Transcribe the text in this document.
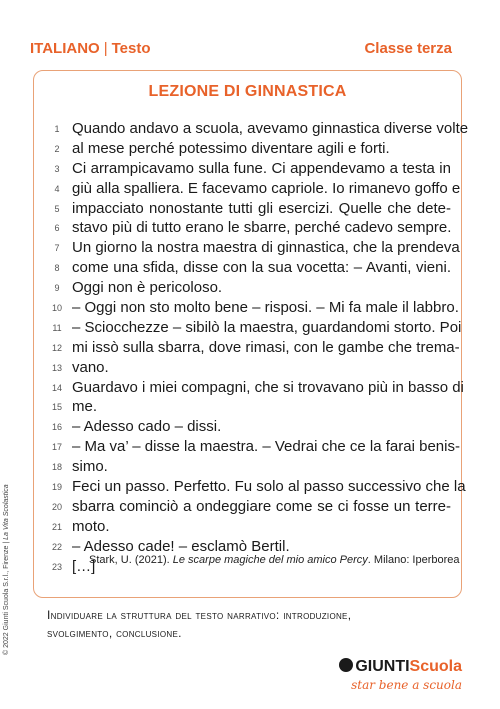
ITALIANO | Testo	Classe terza
LEZIONE DI GINNASTICA
1 Quando andavo a scuola, avevamo ginnastica diverse volte
2 al mese perché potessimo diventare agili e forti.
3 Ci arrampicavamo sulla fune. Ci appendevamo a testa in
4 giù alla spalliera. E facevamo capriole. Io rimanevo goffo e
5 impacciato nonostante tutti gli esercizi. Quelle che dete-
6 stavo più di tutto erano le sbarre, perché cadevo sempre.
7 Un giorno la nostra maestra di ginnastica, che la prendeva
8 come una sfida, disse con la sua vocetta: – Avanti, vieni.
9 Oggi non è pericoloso.
10 – Oggi non sto molto bene – risposi. – Mi fa male il labbro.
11 – Sciocchezze – sibilò la maestra, guardandomi storto. Poi
12 mi issò sulla sbarra, dove rimasi, con le gambe che trema-
13 vano.
14 Guardavo i miei compagni, che si trovavano più in basso di
15 me.
16 – Adesso cado – dissi.
17 – Ma va’ – disse la maestra. – Vedrai che ce la farai benis-
18 simo.
19 Feci un passo. Perfetto. Fu solo al passo successivo che la
20 sbarra cominciò a ondeggiare come se ci fosse un terre-
21 moto.
22 – Adesso cade! – esclamò Bertil.
23 […]
Stark, U. (2021). Le scarpe magiche del mio amico Percy. Milano: Iperborea
Individuare la struttura del testo narrativo: introduzione,
svolgimento, conclusione.
© 2022 Giunti Scuola S.r.l., Firenze | La Vita Scolastica
GIUNTIScuola
star bene a scuola
